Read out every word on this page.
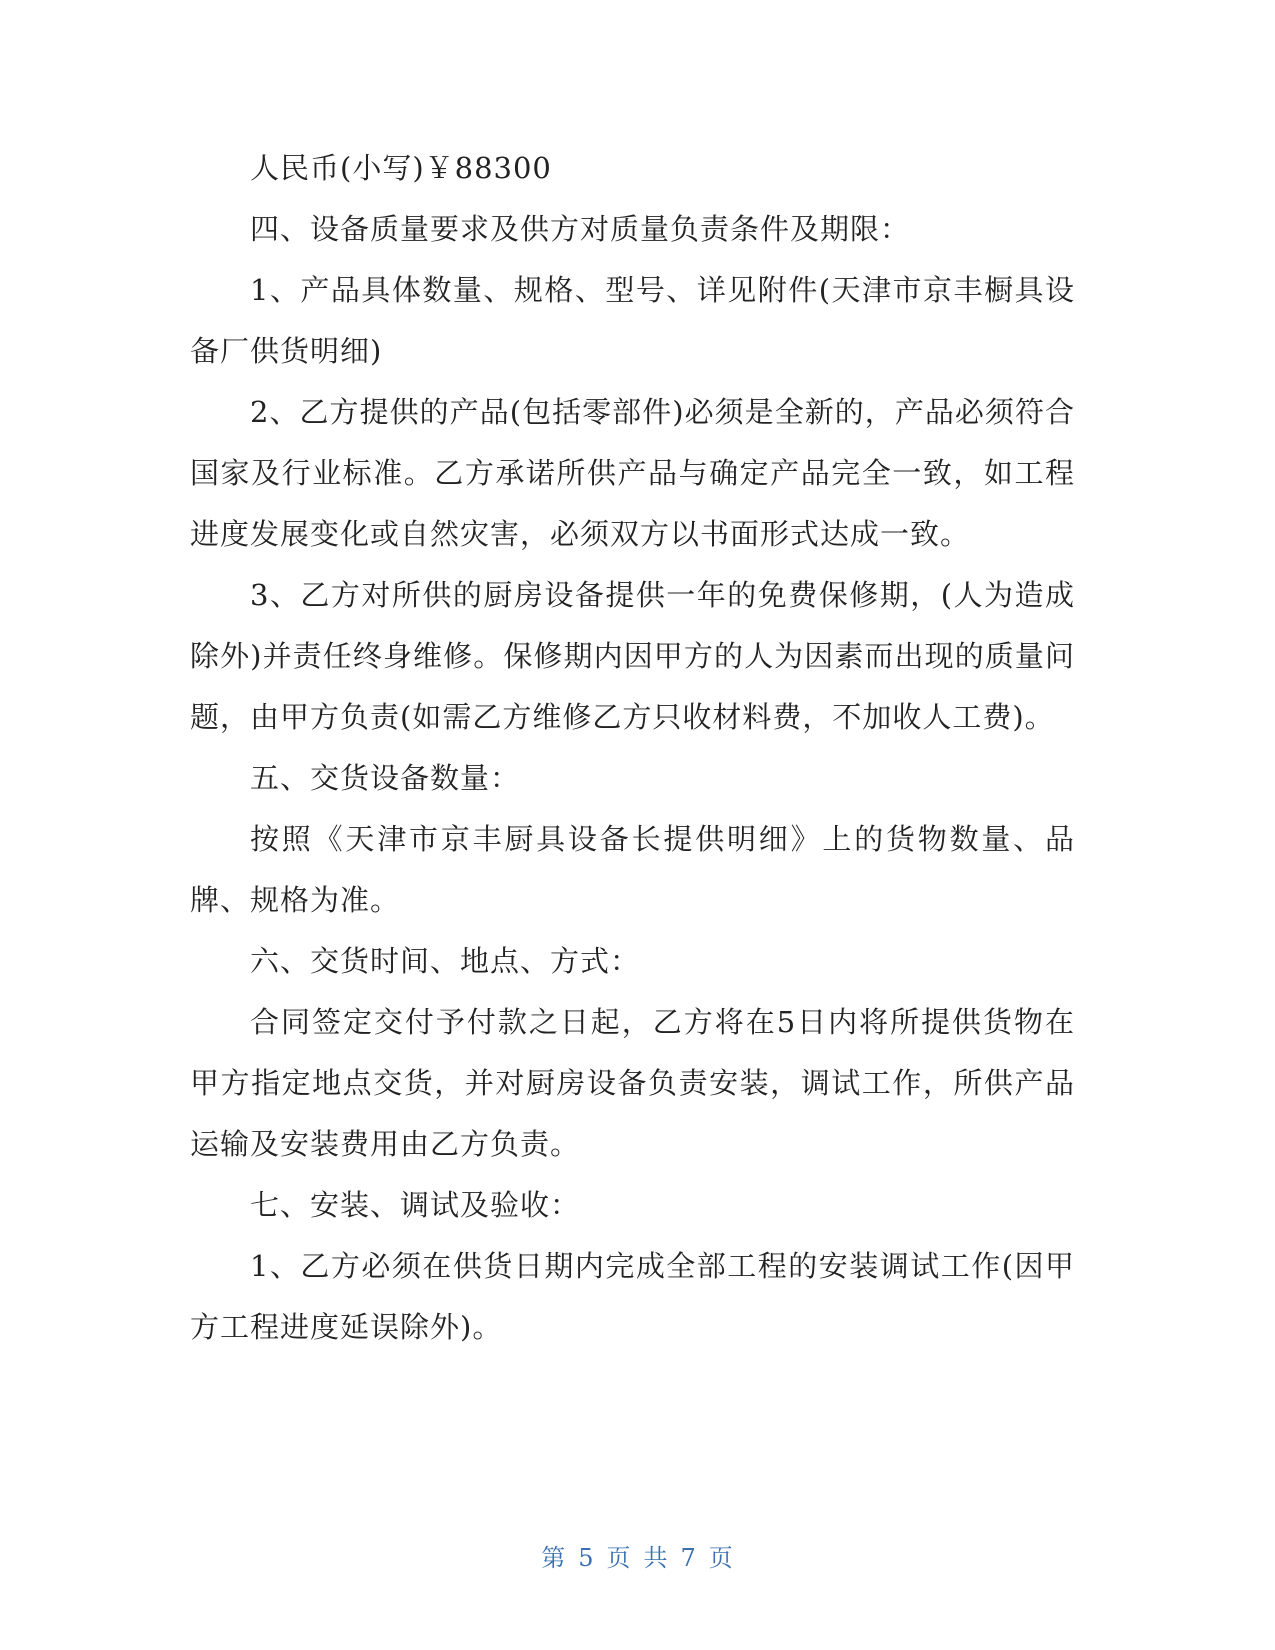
人民币(小写)￥88300

四、设备质量要求及供方对质量负责条件及期限：

1、产品具体数量、规格、型号、详见附件(天津市京丰橱具设备厂供货明细)

2、乙方提供的产品(包括零部件)必须是全新的，产品必须符合国家及行业标准。乙方承诺所供产品与确定产品完全一致，如工程进度发展变化或自然灾害，必须双方以书面形式达成一致。

3、乙方对所供的厨房设备提供一年的免费保修期，(人为造成除外)并责任终身维修。保修期内因甲方的人为因素而出现的质量问题，由甲方负责(如需乙方维修乙方只收材料费，不加收人工费)。

五、交货设备数量：

按照《天津市京丰厨具设备长提供明细》上的货物数量、品牌、规格为准。

六、交货时间、地点、方式：

合同签定交付予付款之日起，乙方将在5日内将所提供货物在甲方指定地点交货，并对厨房设备负责安装，调试工作，所供产品运输及安装费用由乙方负责。

七、安装、调试及验收：

1、乙方必须在供货日期内完成全部工程的安装调试工作(因甲方工程进度延误除外)。

第 5 页 共 7 页
